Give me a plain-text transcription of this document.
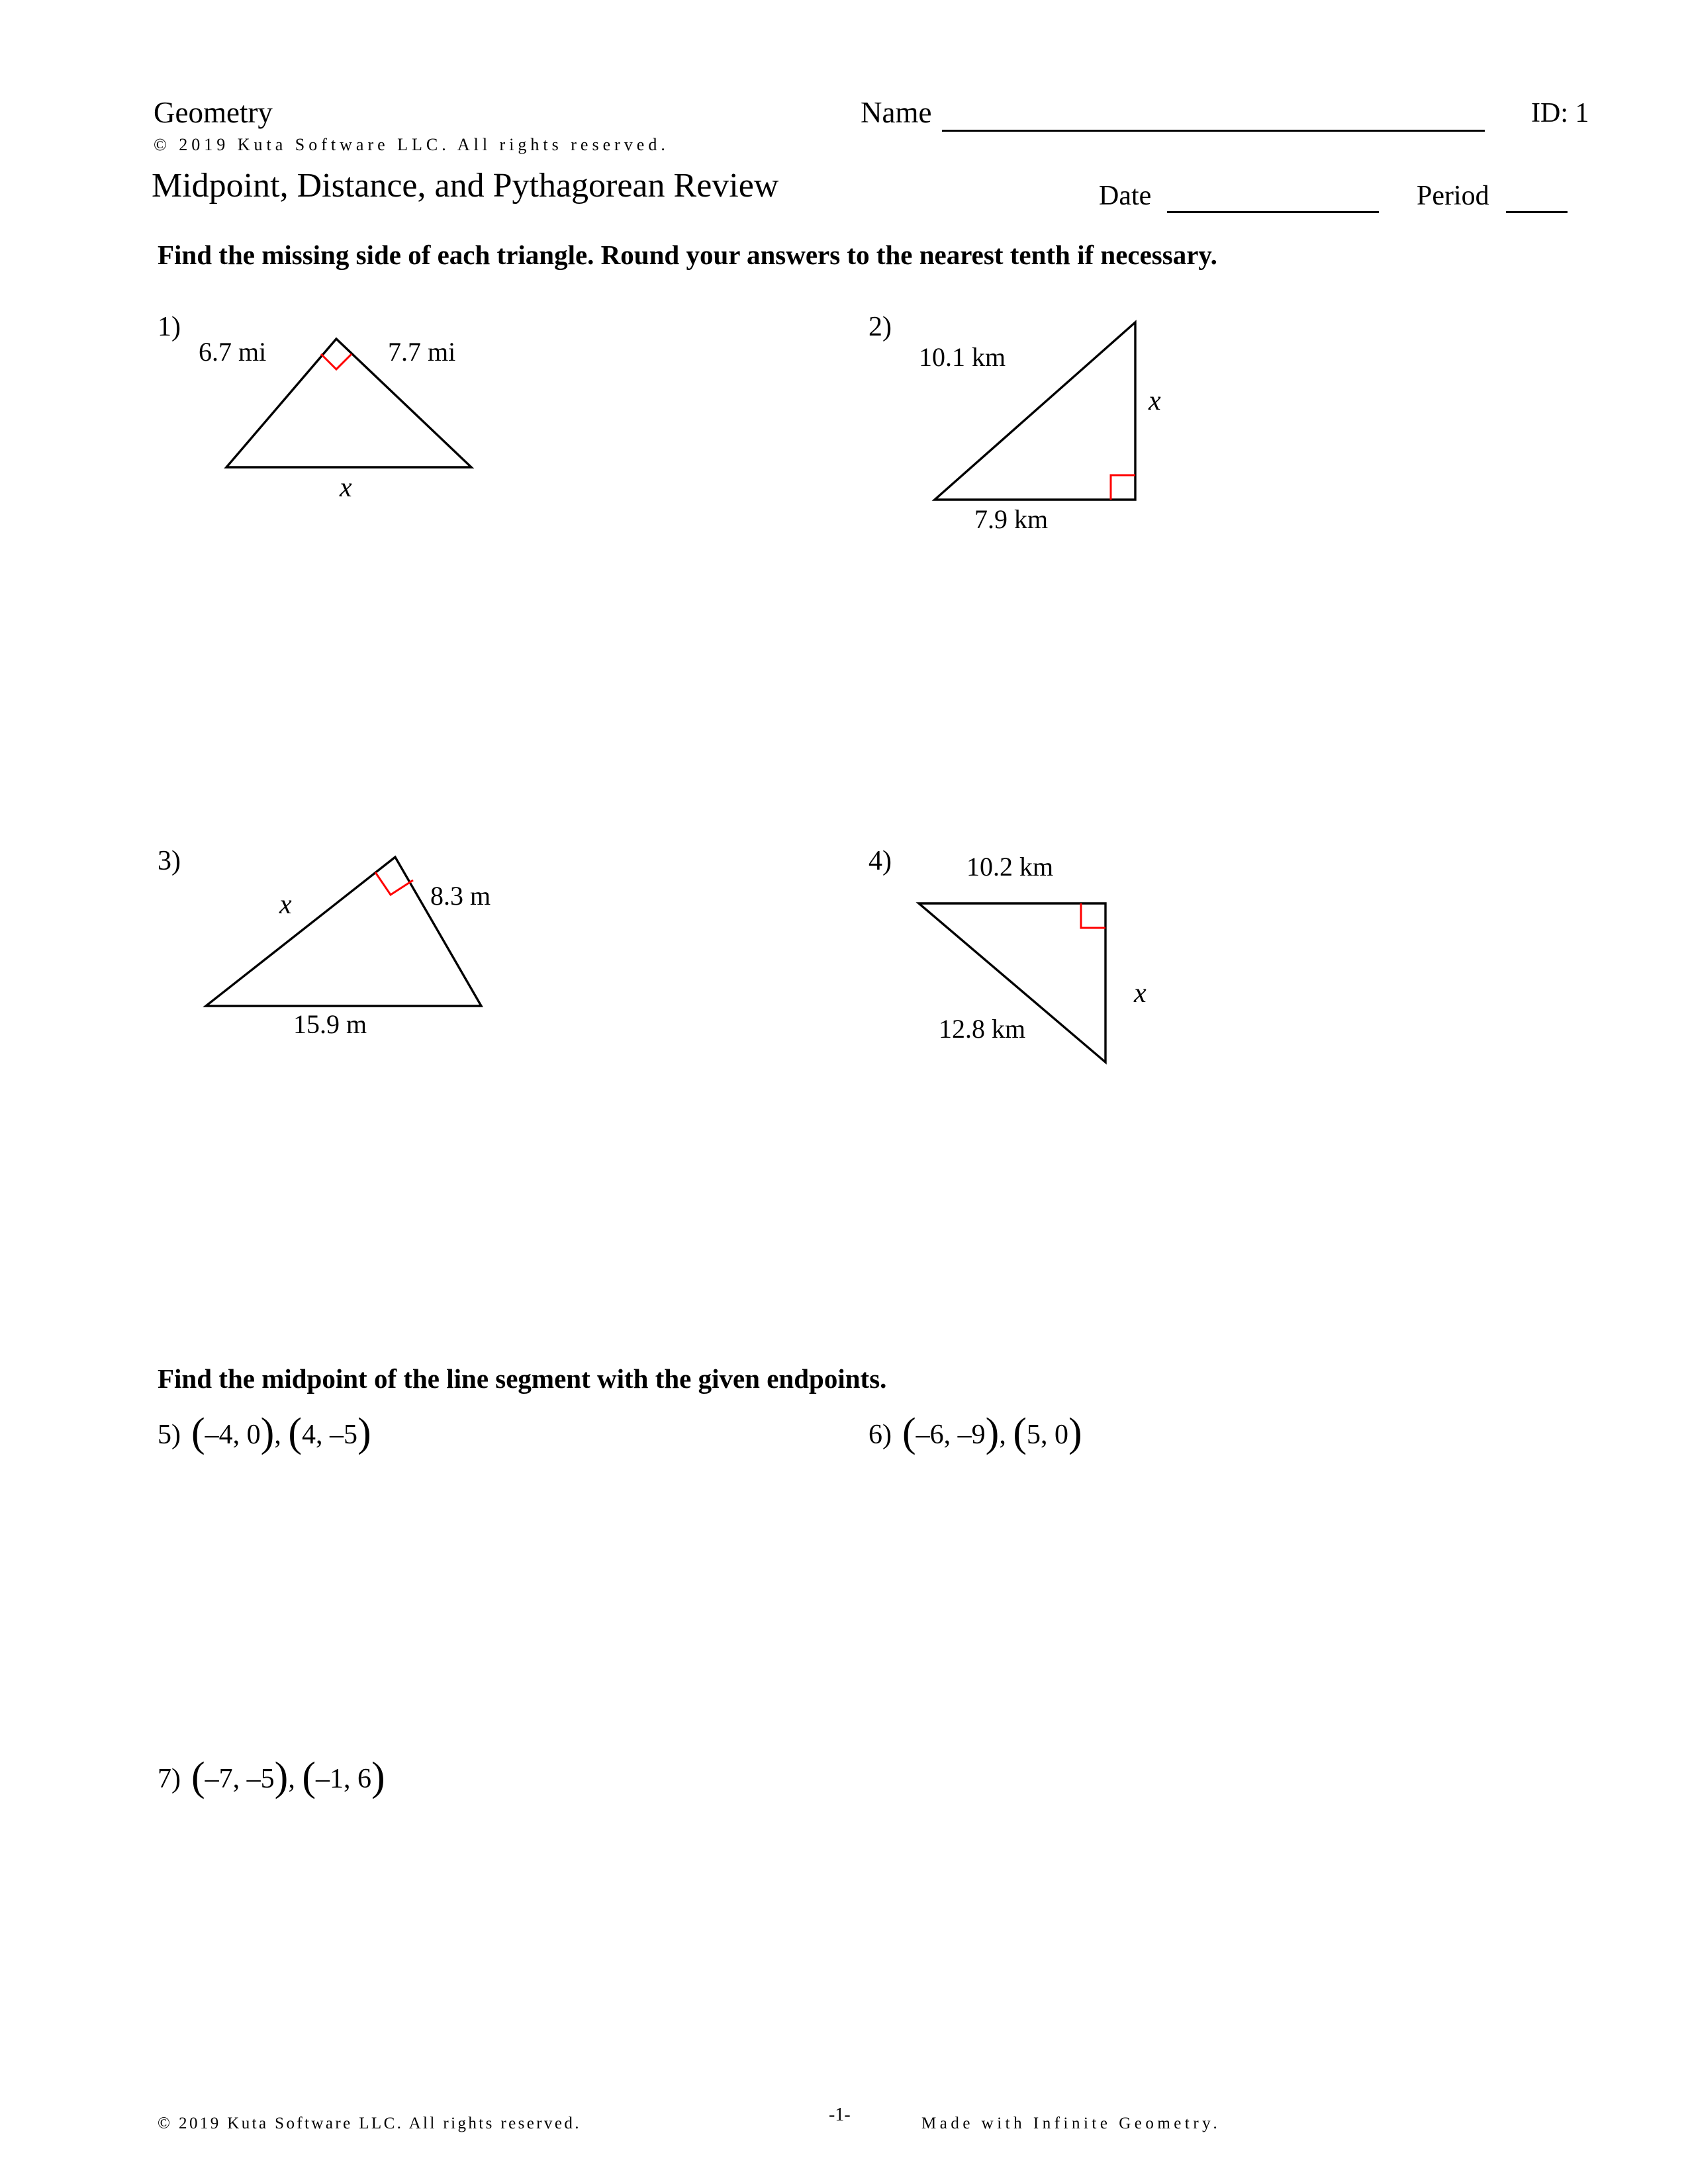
Geometry	Name	ID: 1
© 2019 Kuta Software LLC. All rights reserved.
Midpoint, Distance, and Pythagorean Review	Date	Period
Find the missing side of each triangle. Round your answers to the nearest tenth if necessary.
1)
6.7 mi	7.7 mi
x
2)
10.1 km
x
7.9 km
3)
x	8.3 m
15.9 m
4)	10.2 km
x
12.8 km
Find the midpoint of the line segment with the given endpoints.
5) ( –4 , 0 ) , ( 4 , –5 )	6) ( –6 , –9 ) , ( 5 , 0 )
7) ( –7 , –5 ) , ( –1 , 6 )
© 2019 Kuta Software LLC. All rights reserved.	-1-	Made with Infinite Geometry.
